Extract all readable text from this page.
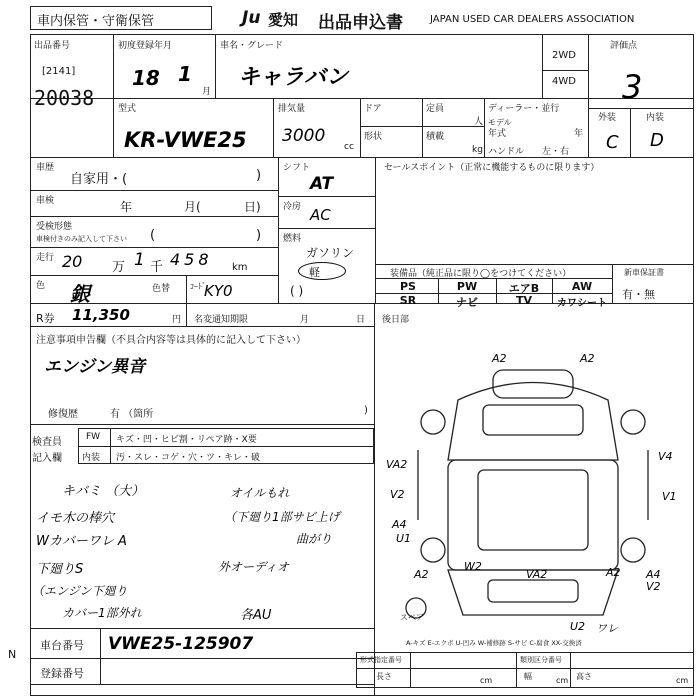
車内保管・守衛保管	Ju 愛知 出品申込書	JAPAN USED CAR DEALERS ASSOCIATION
出品番号
[2141]
20038
初度登録年月
18 1
月
車名・グレード
キャラバン
2WD
4WD
評価点
3
型式
KR-VWE25
排気量
3000
cc
ドア	定員
人
形状	積載
kg
ディーラー・並行
モデル
年式	年
ハンドル 左・右
外装	内装
C D
車歴
自家用・(	)
車検	年	月(	日)
受検形態
車検付きのみ記入して下さい (	)
走行 20 万 1 千 458 km
色 銀	色替 ｺｰﾄﾞ
KY0
シフト
AT
冷房 AC
燃料
ガソリン
軽
( )
セールスポイント（正常に機能するものに限ります）
装備品（純正品に限り◯をつけてください）
PS	PW	エアB	AW
SR	ナビ	TV	カワシート
新車保証書
有・無
R券 11,350	円 名変通知期限	月	日 後日部
注意事項申告欄（不具合内容等は具体的に記入して下さい）
エンジン異音
修復歴	有 （箇所	)
検査員
記入欄
FW キズ・凹・ヒビ割・リペア跡・X要
内装 汚・スレ・コゲ・穴・ツ・キレ・破
キバミ （大）
イモ木の棒穴
Wカバーワレ A
下廻りS
（エンジン下廻り
カバー1部外れ
オイルもれ
（下廻り1部サビ上げ
曲がり
外オーディオ
各AU
A2	A2
VA2
V4
V2	V1
A4
U1
A2
W2
VA2	A2 A4
V2
U2 ワレ
スペア
A-キズ E-エクボ U-凹み W-補修跡 S-サビ C-腐食 XX-交換済
車台番号 VWE25-125907
登録番号
N	形式指定番号	類別区分番号
長さ	cm	幅	cm 高さ	cm
